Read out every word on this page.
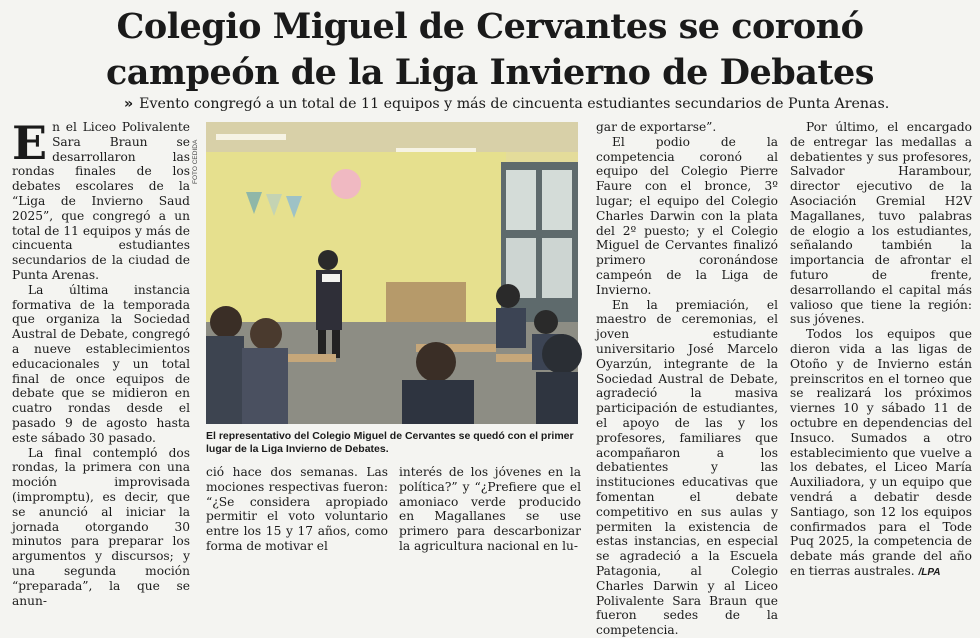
Colegio Miguel de Cervantes se coronó
campeón de la Liga Invierno de Debates
» Evento congregó a un total de 11 equipos y más de cincuenta estudiantes secundarios de Punta Arenas.

En el Liceo Polivalente Sara Braun se desarrollaron las rondas finales de los debates escolares de la “Liga de Invierno Saud 2025”, que congregó a un total de 11 equipos y más de cincuenta estudiantes secundarios de la ciudad de Punta Arenas.

La última instancia formativa de la temporada que organiza la Sociedad Austral de Debate, congregó a nueve establecimientos educacionales y un total final de once equipos de debate que se midieron en cuatro rondas desde el pasado 9 de agosto hasta este sábado 30 pasado.

La final contempló dos rondas, la primera con una moción improvisada (impromptu), es decir, que se anunció al iniciar la jornada otorgando 30 minutos para preparar los argumentos y discursos; y una segunda moción “preparada”, la que se anun-

FOTO CEDIDA
El representativo del Colegio Miguel de Cervantes se quedó con el primer lugar de la Liga Invierno de Debates.

ció hace dos semanas. Las mociones respectivas fueron: “¿Se considera apropiado permitir el voto voluntario entre los 15 y 17 años, como forma de motivar el

interés de los jóvenes en la política?” y “¿Prefiere que el amoniaco verde producido en Magallanes se use primero para descarbonizar la agricultura nacional en lu-

gar de exportarse”.

El podio de la competencia coronó al equipo del Colegio Pierre Faure con el bronce, 3º lugar; el equipo del Colegio Charles Darwin con la plata del 2º puesto; y el Colegio Miguel de Cervantes finalizó primero coronándose campeón de la Liga de Invierno.

En la premiación, el maestro de ceremonias, el joven estudiante universitario José Marcelo Oyarzún, integrante de la Sociedad Austral de Debate, agradeció la masiva participación de estudiantes, el apoyo de las y los profesores, familiares que acompañaron a los debatientes y las instituciones educativas que fomentan el debate competitivo en sus aulas y permiten la existencia de estas instancias, en especial se agradeció a la Escuela Patagonia, al Colegio Charles Darwin y al Liceo Polivalente Sara Braun que fueron sedes de la competencia.

Por último, el encargado de entregar las medallas a debatientes y sus profesores, Salvador Harambour, director ejecutivo de la Asociación Gremial H2V Magallanes, tuvo palabras de elogio a los estudiantes, señalando también la importancia de afrontar el futuro de frente, desarrollando el capital más valioso que tiene la región: sus jóvenes.

Todos los equipos que dieron vida a las ligas de Otoño y de Invierno están preinscritos en el torneo que se realizará los próximos viernes 10 y sábado 11 de octubre en dependencias del Insuco. Sumados a otro establecimiento que vuelve a los debates, el Liceo María Auxiliadora, y un equipo que vendrá a debatir desde Santiago, son 12 los equipos confirmados para el Tode Puq 2025, la competencia de debate más grande del año en tierras australes. /LPA
